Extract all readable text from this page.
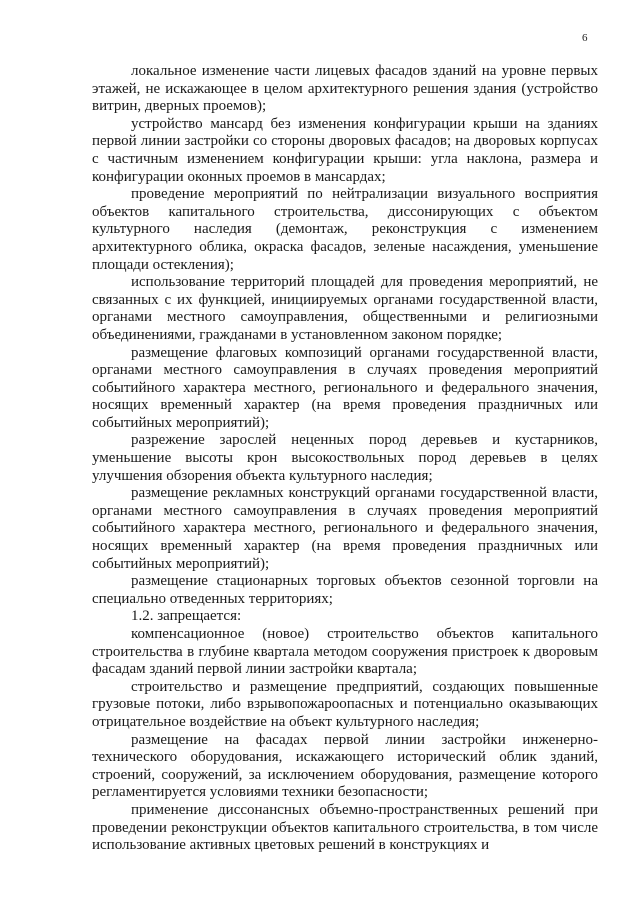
6

локальное изменение части лицевых фасадов зданий на уровне первых этажей, не искажающее в целом архитектурного решения здания (устройство витрин, дверных проемов);

устройство мансард без изменения конфигурации крыши на зданиях первой линии застройки со стороны дворовых фасадов; на дворовых корпусах с частичным изменением конфигурации крыши: угла наклона, размера и конфигурации оконных проемов в мансардах;

проведение мероприятий по нейтрализации визуального восприятия объектов капитального строительства, диссонирующих с объектом культурного наследия (демонтаж, реконструкция с изменением архитектурного облика, окраска фасадов, зеленые насаждения, уменьшение площади остекления);

использование территорий площадей для проведения мероприятий, не связанных с их функцией, инициируемых органами государственной власти, органами местного самоуправления, общественными и религиозными объединениями, гражданами в установленном законом порядке;

размещение флаговых композиций органами государственной власти, органами местного самоуправления в случаях проведения мероприятий событийного характера местного, регионального и федерального значения, носящих временный характер (на время проведения праздничных или событийных мероприятий);

разрежение зарослей неценных пород деревьев и кустарников, уменьшение высоты крон высокоствольных пород деревьев в целях улучшения обзорения объекта культурного наследия;

размещение рекламных конструкций органами государственной власти, органами местного самоуправления в случаях проведения мероприятий событийного характера местного, регионального и федерального значения, носящих временный характер (на время проведения праздничных или событийных мероприятий);

размещение стационарных торговых объектов сезонной торговли на специально отведенных территориях;

1.2. запрещается:

компенсационное (новое) строительство объектов капитального строительства в глубине квартала методом сооружения пристроек к дворовым фасадам зданий первой линии застройки квартала;

строительство и размещение предприятий, создающих повышенные грузовые потоки, либо взрывопожароопасных и потенциально оказывающих отрицательное воздействие на объект культурного наследия;

размещение на фасадах первой линии застройки инженерно-технического оборудования, искажающего исторический облик зданий, строений, сооружений, за исключением оборудования, размещение которого регламентируется условиями техники безопасности;

применение диссонансных объемно-пространственных решений при проведении реконструкции объектов капитального строительства, в том числе использование активных цветовых решений в конструкциях и
